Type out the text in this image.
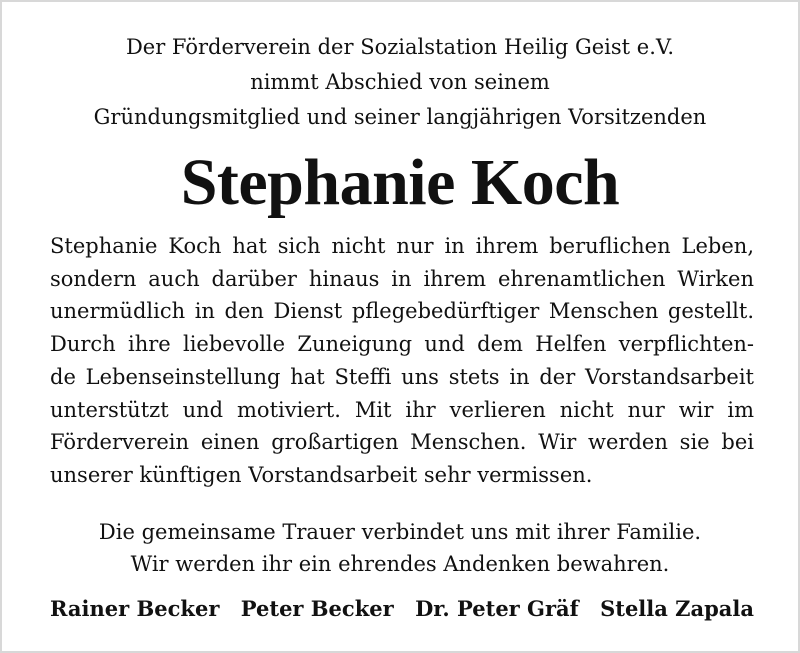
Der Förderverein der Sozialstation Heilig Geist e.V.
nimmt Abschied von seinem
Gründungsmitglied und seiner langjährigen Vorsitzenden
Stephanie Koch
Stephanie Koch hat sich nicht nur in ihrem beruflichen Leben,
sondern auch darüber hinaus in ihrem ehrenamtlichen Wirken
unermüdlich in den Dienst pflegebedürftiger Menschen gestellt.
Durch ihre liebevolle Zuneigung und dem Helfen verpflichten-
de Lebenseinstellung hat Steffi uns stets in der Vorstandsarbeit
unterstützt und motiviert. Mit ihr verlieren nicht nur wir im
Förderverein einen großartigen Menschen. Wir werden sie bei
unserer künftigen Vorstandsarbeit sehr vermissen.
Die gemeinsame Trauer verbindet uns mit ihrer Familie.
Wir werden ihr ein ehrendes Andenken bewahren.
Rainer Becker Peter Becker Dr. Peter Gräf Stella Zapala
